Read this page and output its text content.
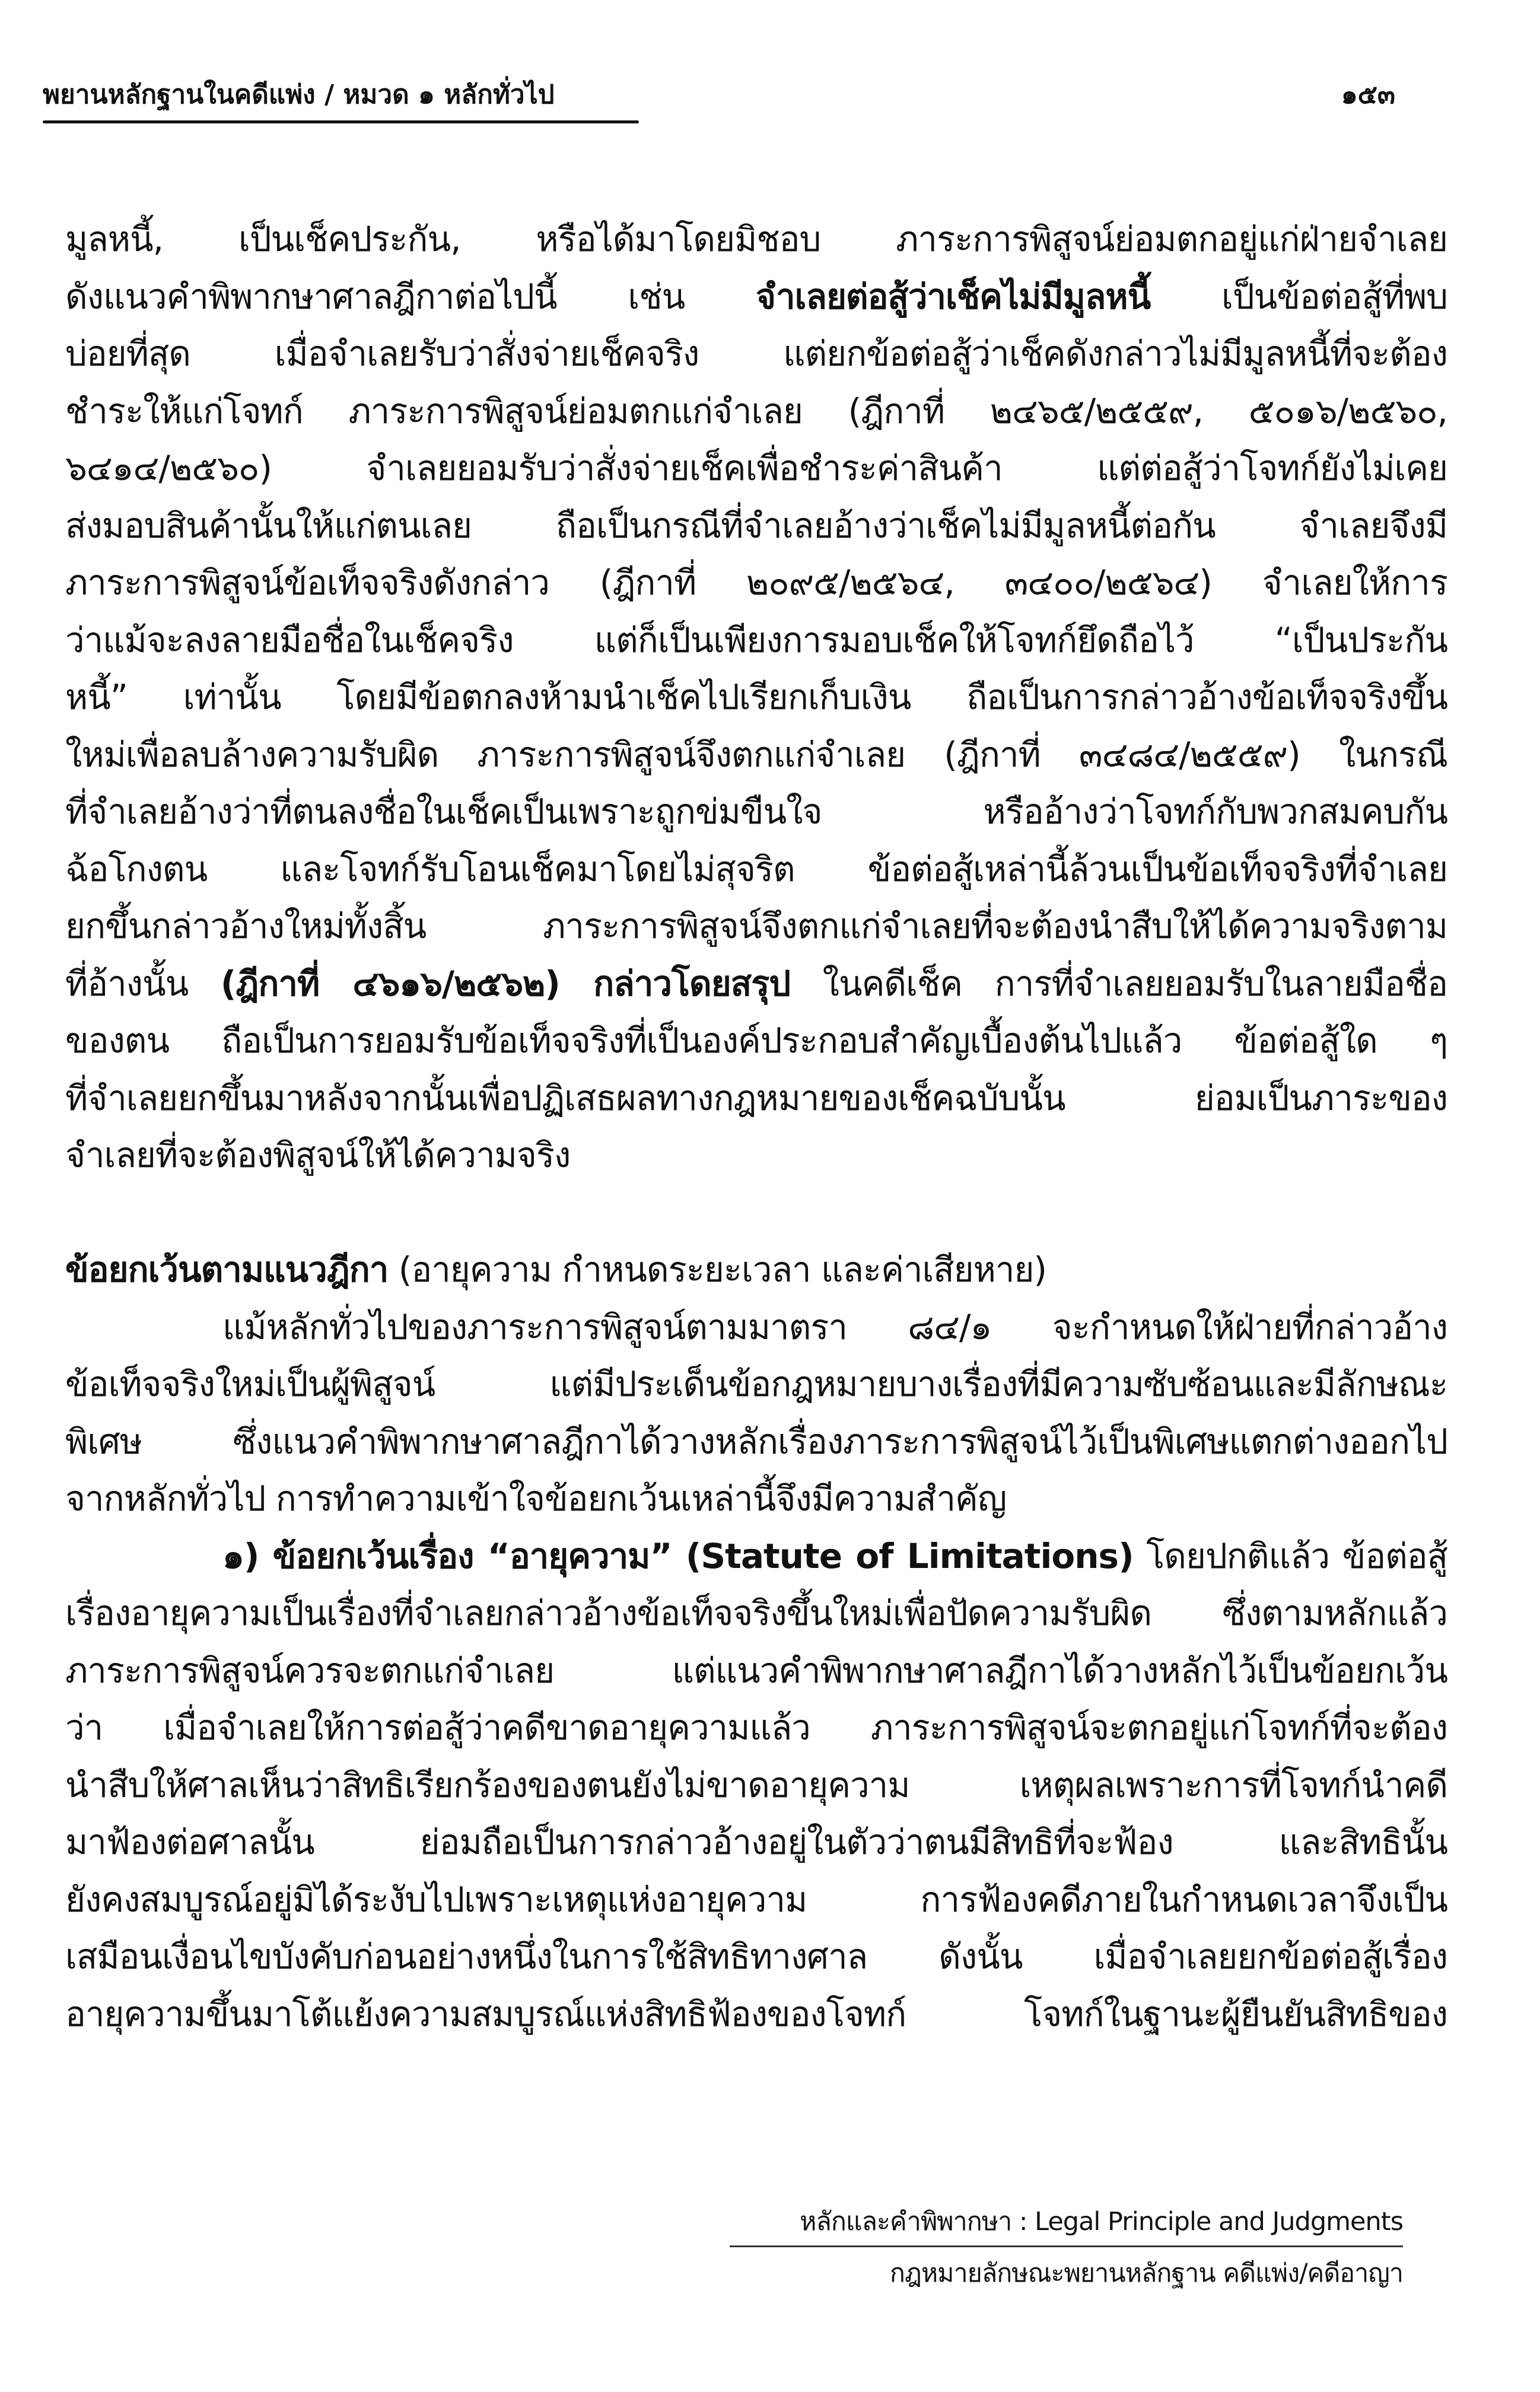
พยานหลักฐานในคดีแพ่ง / หมวด ๑ หลักทั่วไป	๑๕๓
มูลหนี้, เป็นเช็คประกัน, หรือได้มาโดยมิชอบ ภาระการพิสูจน์ย่อมตกอยู่แก่ฝ่ายจำเลย
ดังแนวคำพิพากษาศาลฎีกาต่อไปนี้ เช่น จำเลยต่อสู้ว่าเช็คไม่มีมูลหนี้ เป็นข้อต่อสู้ที่พบ
บ่อยที่สุด เมื่อจำเลยรับว่าสั่งจ่ายเช็คจริง แต่ยกข้อต่อสู้ว่าเช็คดังกล่าวไม่มีมูลหนี้ที่จะต้อง
ชำระให้แก่โจทก์ ภาระการพิสูจน์ย่อมตกแก่จำเลย (ฎีกาที่ ๒๔๖๕/๒๕๕๙, ๕๐๑๖/๒๕๖๐,
๖๔๑๔/๒๕๖๐) จำเลยยอมรับว่าสั่งจ่ายเช็คเพื่อชำระค่าสินค้า แต่ต่อสู้ว่าโจทก์ยังไม่เคย
ส่งมอบสินค้านั้นให้แก่ตนเลย ถือเป็นกรณีที่จำเลยอ้างว่าเช็คไม่มีมูลหนี้ต่อกัน จำเลยจึงมี
ภาระการพิสูจน์ข้อเท็จจริงดังกล่าว (ฎีกาที่ ๒๐๙๕/๒๕๖๔, ๓๔๐๐/๒๕๖๔) จำเลยให้การ
ว่าแม้จะลงลายมือชื่อในเช็คจริง แต่ก็เป็นเพียงการมอบเช็คให้โจทก์ยึดถือไว้ “เป็นประกัน
หนี้” เท่านั้น โดยมีข้อตกลงห้ามนำเช็คไปเรียกเก็บเงิน ถือเป็นการกล่าวอ้างข้อเท็จจริงขึ้น
ใหม่เพื่อลบล้างความรับผิด ภาระการพิสูจน์จึงตกแก่จำเลย (ฎีกาที่ ๓๔๘๔/๒๕๕๙) ในกรณี
ที่จำเลยอ้างว่าที่ตนลงชื่อในเช็คเป็นเพราะถูกข่มขืนใจ หรืออ้างว่าโจทก์กับพวกสมคบกัน
ฉ้อโกงตน และโจทก์รับโอนเช็คมาโดยไม่สุจริต ข้อต่อสู้เหล่านี้ล้วนเป็นข้อเท็จจริงที่จำเลย
ยกขึ้นกล่าวอ้างใหม่ทั้งสิ้น ภาระการพิสูจน์จึงตกแก่จำเลยที่จะต้องนำสืบให้ได้ความจริงตาม
ที่อ้างนั้น (ฎีกาที่ ๔๖๑๖/๒๕๖๒) กล่าวโดยสรุป ในคดีเช็ค การที่จำเลยยอมรับในลายมือชื่อ
ของตน ถือเป็นการยอมรับข้อเท็จจริงที่เป็นองค์ประกอบสำคัญเบื้องต้นไปแล้ว ข้อต่อสู้ใด ๆ
ที่จำเลยยกขึ้นมาหลังจากนั้นเพื่อปฏิเสธผลทางกฎหมายของเช็คฉบับนั้น ย่อมเป็นภาระของ
จำเลยที่จะต้องพิสูจน์ให้ได้ความจริง
ข้อยกเว้นตามแนวฎีกา (อายุความ กำหนดระยะเวลา และค่าเสียหาย)
แม้หลักทั่วไปของภาระการพิสูจน์ตามมาตรา ๘๔/๑ จะกำหนดให้ฝ่ายที่กล่าวอ้าง
ข้อเท็จจริงใหม่เป็นผู้พิสูจน์ แต่มีประเด็นข้อกฎหมายบางเรื่องที่มีความซับซ้อนและมีลักษณะ
พิเศษ ซึ่งแนวคำพิพากษาศาลฎีกาได้วางหลักเรื่องภาระการพิสูจน์ไว้เป็นพิเศษแตกต่างออกไป
จากหลักทั่วไป การทำความเข้าใจข้อยกเว้นเหล่านี้จึงมีความสำคัญ
๑) ข้อยกเว้นเรื่อง “อายุความ” (Statute of Limitations) โดยปกติแล้ว ข้อต่อสู้
เรื่องอายุความเป็นเรื่องที่จำเลยกล่าวอ้างข้อเท็จจริงขึ้นใหม่เพื่อปัดความรับผิด ซึ่งตามหลักแล้ว
ภาระการพิสูจน์ควรจะตกแก่จำเลย แต่แนวคำพิพากษาศาลฎีกาได้วางหลักไว้เป็นข้อยกเว้น
ว่า เมื่อจำเลยให้การต่อสู้ว่าคดีขาดอายุความแล้ว ภาระการพิสูจน์จะตกอยู่แก่โจทก์ที่จะต้อง
นำสืบให้ศาลเห็นว่าสิทธิเรียกร้องของตนยังไม่ขาดอายุความ เหตุผลเพราะการที่โจทก์นำคดี
มาฟ้องต่อศาลนั้น ย่อมถือเป็นการกล่าวอ้างอยู่ในตัวว่าตนมีสิทธิที่จะฟ้อง และสิทธินั้น
ยังคงสมบูรณ์อยู่มิได้ระงับไปเพราะเหตุแห่งอายุความ การฟ้องคดีภายในกำหนดเวลาจึงเป็น
เสมือนเงื่อนไขบังคับก่อนอย่างหนึ่งในการใช้สิทธิทางศาล ดังนั้น เมื่อจำเลยยกข้อต่อสู้เรื่อง
อายุความขึ้นมาโต้แย้งความสมบูรณ์แห่งสิทธิฟ้องของโจทก์ โจทก์ในฐานะผู้ยืนยันสิทธิของ
หลักและคำพิพากษา : Legal Principle and Judgments
กฎหมายลักษณะพยานหลักฐาน คดีแพ่ง/คดีอาญา
